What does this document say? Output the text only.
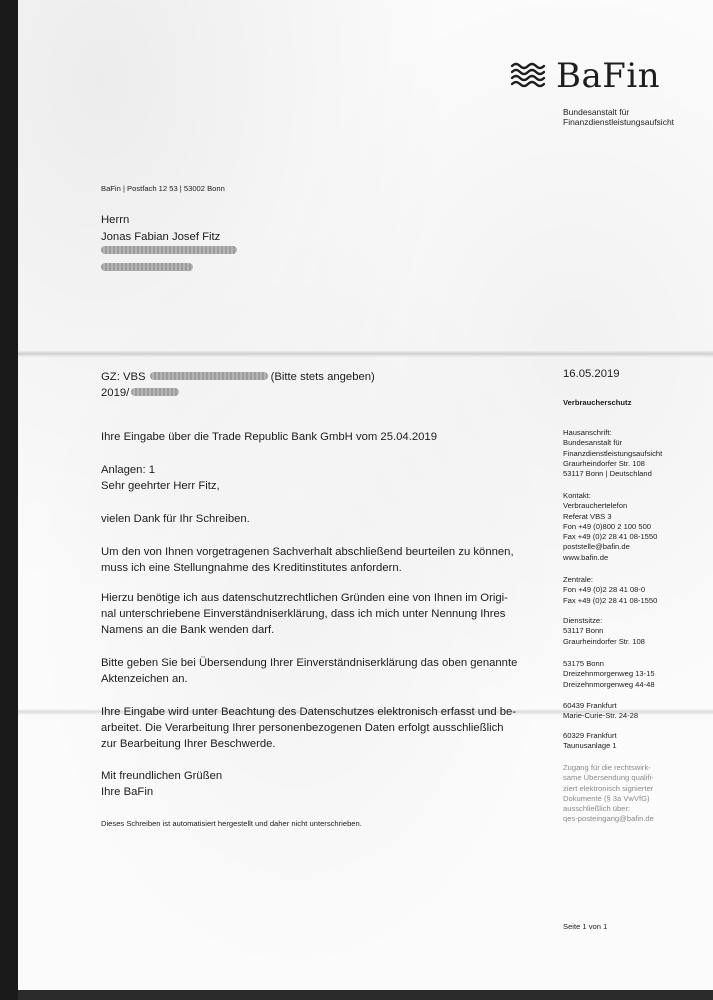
BaFin
Bundesanstalt für
Finanzdienstleistungsaufsicht
BaFin | Postfach 12 53 | 53002 Bonn
Herrn
Jonas Fabian Josef Fitz
GZ: VBS	(Bitte stets angeben)
2019/
16.05.2019
Verbraucherschutz
Ihre Eingabe über die Trade Republic Bank GmbH vom 25.04.2019
Anlagen: 1
Sehr geehrter Herr Fitz,
vielen Dank für Ihr Schreiben.
Um den von Ihnen vorgetragenen Sachverhalt abschließend beurteilen zu können,
muss ich eine Stellungnahme des Kreditinstitutes anfordern.
Hierzu benötige ich aus datenschutzrechtlichen Gründen eine von Ihnen im Origi-
nal unterschriebene Einverständniserklärung, dass ich mich unter Nennung Ihres
Namens an die Bank wenden darf.
Bitte geben Sie bei Übersendung Ihrer Einverständniserklärung das oben genannte
Aktenzeichen an.
Ihre Eingabe wird unter Beachtung des Datenschutzes elektronisch erfasst und be-
arbeitet. Die Verarbeitung Ihrer personenbezogenen Daten erfolgt ausschließlich
zur Bearbeitung Ihrer Beschwerde.
Mit freundlichen Grüßen
Ihre BaFin
Dieses Schreiben ist automatisiert hergestellt und daher nicht unterschrieben.
Hausanschrift:
Bundesanstalt für
Finanzdienstleistungsaufsicht
Graurheindorfer Str. 108
53117 Bonn | Deutschland
Kontakt:
Verbrauchertelefon
Referat VBS 3
Fon +49 (0)800 2 100 500
Fax +49 (0)2 28 41 08-1550
poststelle@bafin.de
www.bafin.de
Zentrale:
Fon +49 (0)2 28 41 08-0
Fax +49 (0)2 28 41 08-1550
Dienstsitze:
53117 Bonn
Graurheindorfer Str. 108
53175 Bonn
Dreizehnmorgenweg 13-15
Dreizehnmorgenweg 44-48
60439 Frankfurt
Marie-Curie-Str. 24-28
60329 Frankfurt
Taunusanlage 1
Zugang für die rechtswirk-
same Übersendung qualifi-
ziert elektronisch signierter
Dokumente (§ 3a VwVfG)
ausschließlich über:
qes-posteingang@bafin.de
Seite 1 von 1
